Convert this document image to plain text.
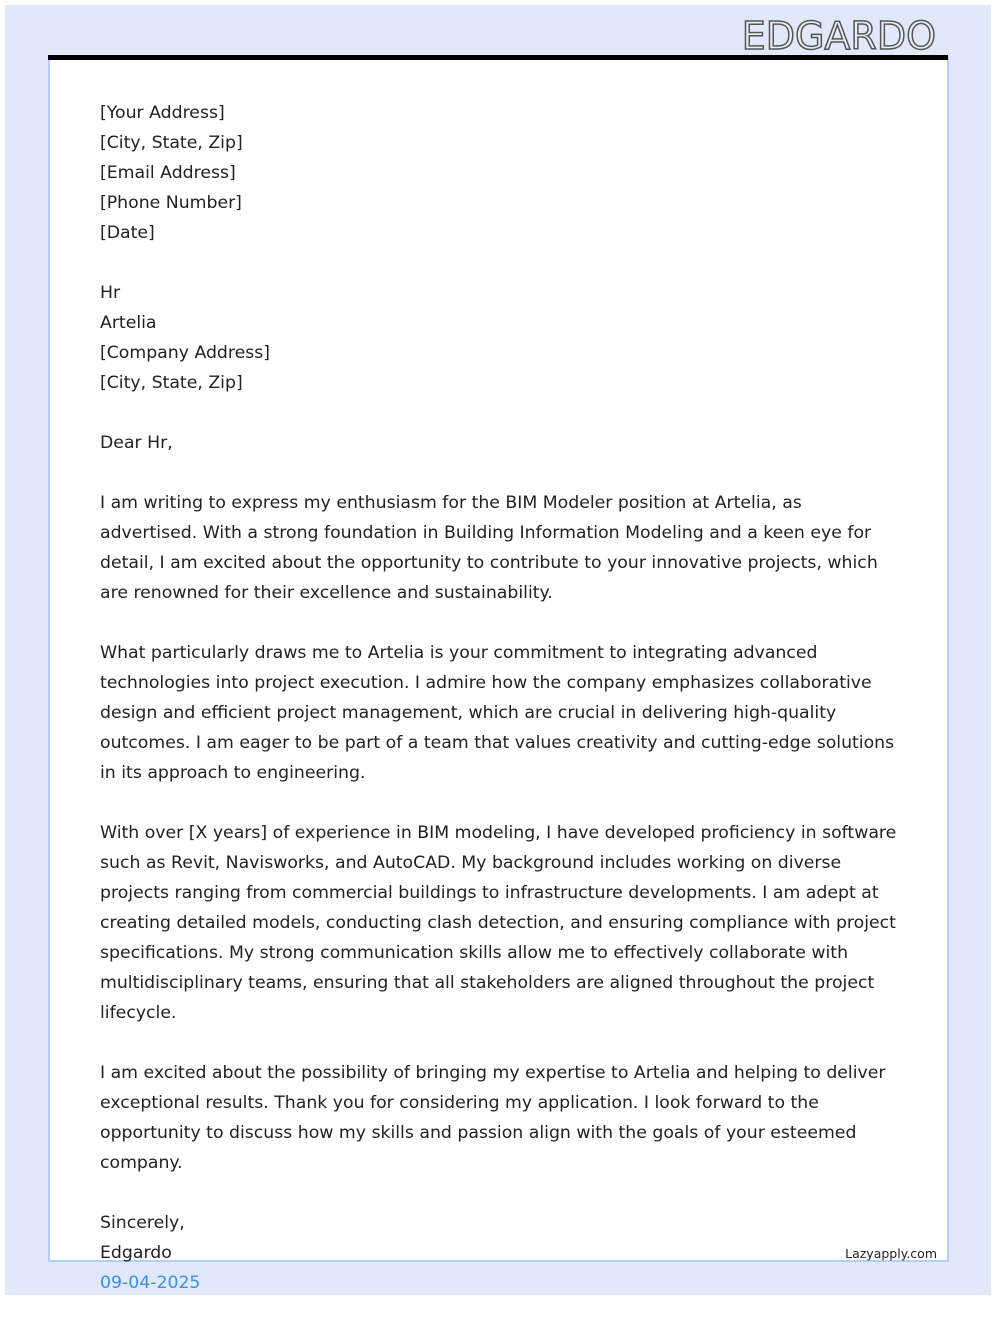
EDGARDO

[Your Address]
[City, State, Zip]
[Email Address]
[Phone Number]
[Date]

Hr
Artelia
[Company Address]
[City, State, Zip]

Dear Hr,

I am writing to express my enthusiasm for the BIM Modeler position at Artelia, as advertised. With a strong foundation in Building Information Modeling and a keen eye for detail, I am excited about the opportunity to contribute to your innovative projects, which are renowned for their excellence and sustainability.

What particularly draws me to Artelia is your commitment to integrating advanced technologies into project execution. I admire how the company emphasizes collaborative design and efficient project management, which are crucial in delivering high-quality outcomes. I am eager to be part of a team that values creativity and cutting-edge solutions in its approach to engineering.

With over [X years] of experience in BIM modeling, I have developed proficiency in software such as Revit, Navisworks, and AutoCAD. My background includes working on diverse projects ranging from commercial buildings to infrastructure developments. I am adept at creating detailed models, conducting clash detection, and ensuring compliance with project specifications. My strong communication skills allow me to effectively collaborate with multidisciplinary teams, ensuring that all stakeholders are aligned throughout the project lifecycle.

I am excited about the possibility of bringing my expertise to Artelia and helping to deliver exceptional results. Thank you for considering my application. I look forward to the opportunity to discuss how my skills and passion align with the goals of your esteemed company.

Sincerely,
Edgardo
09-04-2025

Lazyapply.com
